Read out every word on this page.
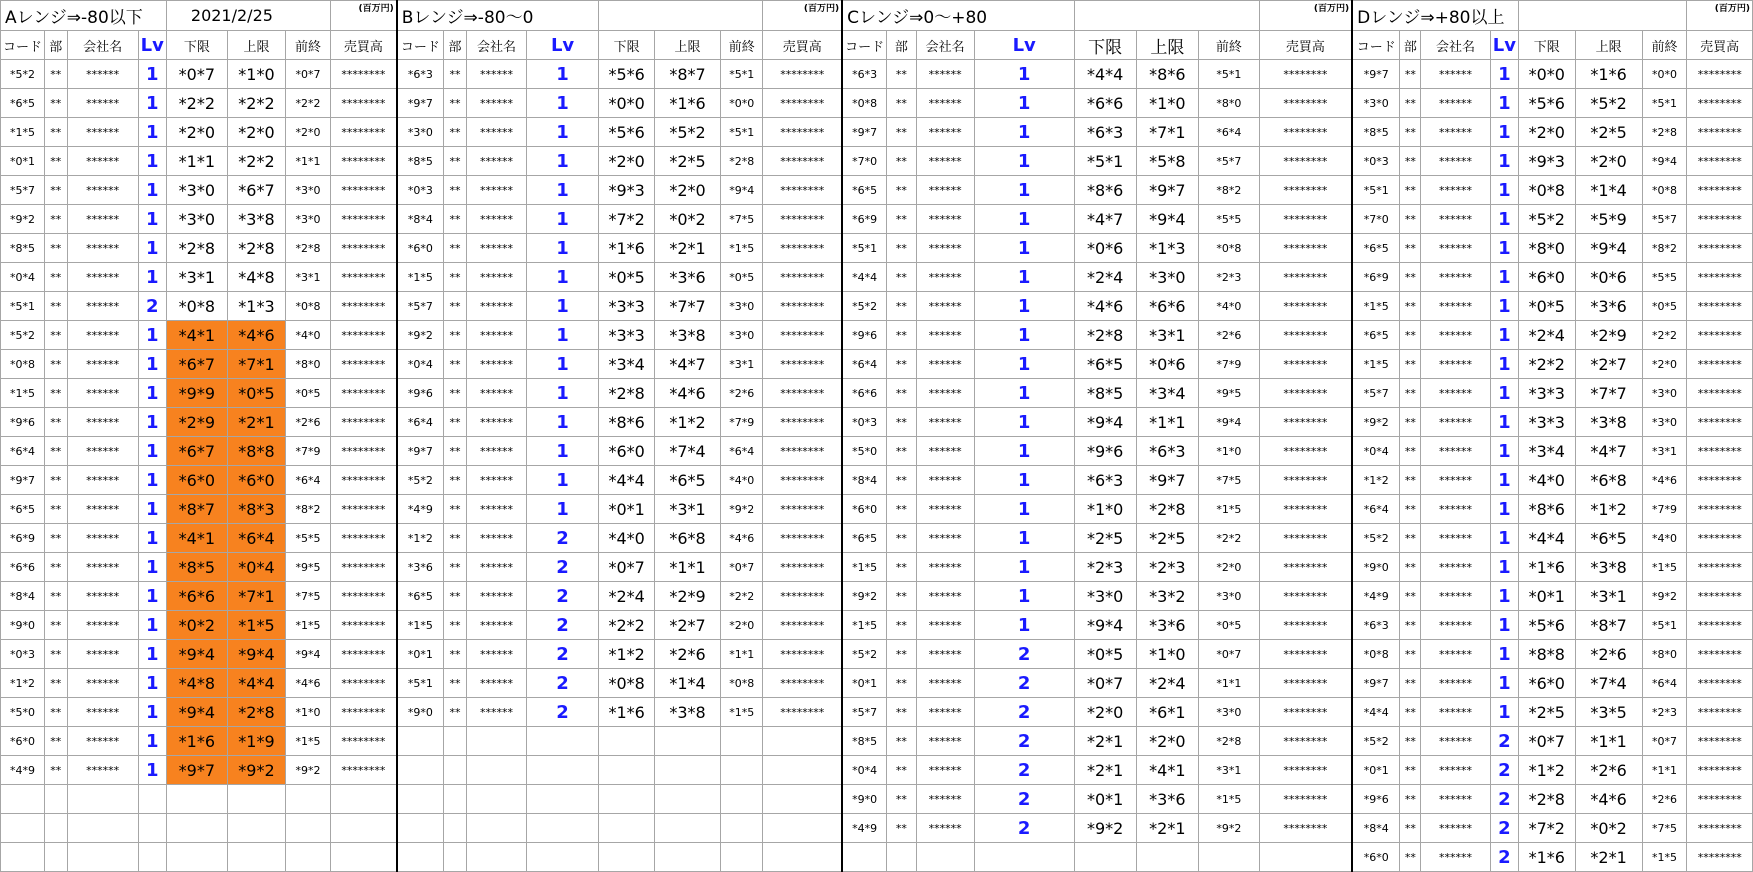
Aレンジ⇒-80以下				2021/2/25			(百万円)	Bレンジ⇒-80～0							(百万円)	Cレンジ⇒0～+80							(百万円)	Dレンジ⇒+80以上							(百万円)
コード	部	会社名	Lv	下限	上限	前終	売買高	コード	部	会社名	Lv	下限	上限	前終	売買高	コード	部	会社名	Lv	下限	上限	前終	売買高	コード	部	会社名	Lv	下限	上限	前終	売買高
*5*2	**	******	1	*0*7	*1*0	*0*7	********	*6*3	**	******	1	*5*6	*8*7	*5*1	********	*6*3	**	******	1	*4*4	*8*6	*5*1	********	*9*7	**	******	1	*0*0	*1*6	*0*0	********
*6*5	**	******	1	*2*2	*2*2	*2*2	********	*9*7	**	******	1	*0*0	*1*6	*0*0	********	*0*8	**	******	1	*6*6	*1*0	*8*0	********	*3*0	**	******	1	*5*6	*5*2	*5*1	********
*1*5	**	******	1	*2*0	*2*0	*2*0	********	*3*0	**	******	1	*5*6	*5*2	*5*1	********	*9*7	**	******	1	*6*3	*7*1	*6*4	********	*8*5	**	******	1	*2*0	*2*5	*2*8	********
*0*1	**	******	1	*1*1	*2*2	*1*1	********	*8*5	**	******	1	*2*0	*2*5	*2*8	********	*7*0	**	******	1	*5*1	*5*8	*5*7	********	*0*3	**	******	1	*9*3	*2*0	*9*4	********
*5*7	**	******	1	*3*0	*6*7	*3*0	********	*0*3	**	******	1	*9*3	*2*0	*9*4	********	*6*5	**	******	1	*8*6	*9*7	*8*2	********	*5*1	**	******	1	*0*8	*1*4	*0*8	********
*9*2	**	******	1	*3*0	*3*8	*3*0	********	*8*4	**	******	1	*7*2	*0*2	*7*5	********	*6*9	**	******	1	*4*7	*9*4	*5*5	********	*7*0	**	******	1	*5*2	*5*9	*5*7	********
*8*5	**	******	1	*2*8	*2*8	*2*8	********	*6*0	**	******	1	*1*6	*2*1	*1*5	********	*5*1	**	******	1	*0*6	*1*3	*0*8	********	*6*5	**	******	1	*8*0	*9*4	*8*2	********
*0*4	**	******	1	*3*1	*4*8	*3*1	********	*1*5	**	******	1	*0*5	*3*6	*0*5	********	*4*4	**	******	1	*2*4	*3*0	*2*3	********	*6*9	**	******	1	*6*0	*0*6	*5*5	********
*5*1	**	******	2	*0*8	*1*3	*0*8	********	*5*7	**	******	1	*3*3	*7*7	*3*0	********	*5*2	**	******	1	*4*6	*6*6	*4*0	********	*1*5	**	******	1	*0*5	*3*6	*0*5	********
*5*2	**	******	1	*4*1	*4*6	*4*0	********	*9*2	**	******	1	*3*3	*3*8	*3*0	********	*9*6	**	******	1	*2*8	*3*1	*2*6	********	*6*5	**	******	1	*2*4	*2*9	*2*2	********
*0*8	**	******	1	*6*7	*7*1	*8*0	********	*0*4	**	******	1	*3*4	*4*7	*3*1	********	*6*4	**	******	1	*6*5	*0*6	*7*9	********	*1*5	**	******	1	*2*2	*2*7	*2*0	********
*1*5	**	******	1	*9*9	*0*5	*0*5	********	*9*6	**	******	1	*2*8	*4*6	*2*6	********	*6*6	**	******	1	*8*5	*3*4	*9*5	********	*5*7	**	******	1	*3*3	*7*7	*3*0	********
*9*6	**	******	1	*2*9	*2*1	*2*6	********	*6*4	**	******	1	*8*6	*1*2	*7*9	********	*0*3	**	******	1	*9*4	*1*1	*9*4	********	*9*2	**	******	1	*3*3	*3*8	*3*0	********
*6*4	**	******	1	*6*7	*8*8	*7*9	********	*9*7	**	******	1	*6*0	*7*4	*6*4	********	*5*0	**	******	1	*9*6	*6*3	*1*0	********	*0*4	**	******	1	*3*4	*4*7	*3*1	********
*9*7	**	******	1	*6*0	*6*0	*6*4	********	*5*2	**	******	1	*4*4	*6*5	*4*0	********	*8*4	**	******	1	*6*3	*9*7	*7*5	********	*1*2	**	******	1	*4*0	*6*8	*4*6	********
*6*5	**	******	1	*8*7	*8*3	*8*2	********	*4*9	**	******	1	*0*1	*3*1	*9*2	********	*6*0	**	******	1	*1*0	*2*8	*1*5	********	*6*4	**	******	1	*8*6	*1*2	*7*9	********
*6*9	**	******	1	*4*1	*6*4	*5*5	********	*1*2	**	******	2	*4*0	*6*8	*4*6	********	*6*5	**	******	1	*2*5	*2*5	*2*2	********	*5*2	**	******	1	*4*4	*6*5	*4*0	********
*6*6	**	******	1	*8*5	*0*4	*9*5	********	*3*6	**	******	2	*0*7	*1*1	*0*7	********	*1*5	**	******	1	*2*3	*2*3	*2*0	********	*9*0	**	******	1	*1*6	*3*8	*1*5	********
*8*4	**	******	1	*6*6	*7*1	*7*5	********	*6*5	**	******	2	*2*4	*2*9	*2*2	********	*9*2	**	******	1	*3*0	*3*2	*3*0	********	*4*9	**	******	1	*0*1	*3*1	*9*2	********
*9*0	**	******	1	*0*2	*1*5	*1*5	********	*1*5	**	******	2	*2*2	*2*7	*2*0	********	*1*5	**	******	1	*9*4	*3*6	*0*5	********	*6*3	**	******	1	*5*6	*8*7	*5*1	********
*0*3	**	******	1	*9*4	*9*4	*9*4	********	*0*1	**	******	2	*1*2	*2*6	*1*1	********	*5*2	**	******	2	*0*5	*1*0	*0*7	********	*0*8	**	******	1	*8*8	*2*6	*8*0	********
*1*2	**	******	1	*4*8	*4*4	*4*6	********	*5*1	**	******	2	*0*8	*1*4	*0*8	********	*0*1	**	******	2	*0*7	*2*4	*1*1	********	*9*7	**	******	1	*6*0	*7*4	*6*4	********
*5*0	**	******	1	*9*4	*2*8	*1*0	********	*9*0	**	******	2	*1*6	*3*8	*1*5	********	*5*7	**	******	2	*2*0	*6*1	*3*0	********	*4*4	**	******	1	*2*5	*3*5	*2*3	********
*6*0	**	******	1	*1*6	*1*9	*1*5	********									*8*5	**	******	2	*2*1	*2*0	*2*8	********	*5*2	**	******	2	*0*7	*1*1	*0*7	********
*4*9	**	******	1	*9*7	*9*2	*9*2	********									*0*4	**	******	2	*2*1	*4*1	*3*1	********	*0*1	**	******	2	*1*2	*2*6	*1*1	********
																*9*0	**	******	2	*0*1	*3*6	*1*5	********	*9*6	**	******	2	*2*8	*4*6	*2*6	********
																*4*9	**	******	2	*9*2	*2*1	*9*2	********	*8*4	**	******	2	*7*2	*0*2	*7*5	********
																								*6*0	**	******	2	*1*6	*2*1	*1*5	********
